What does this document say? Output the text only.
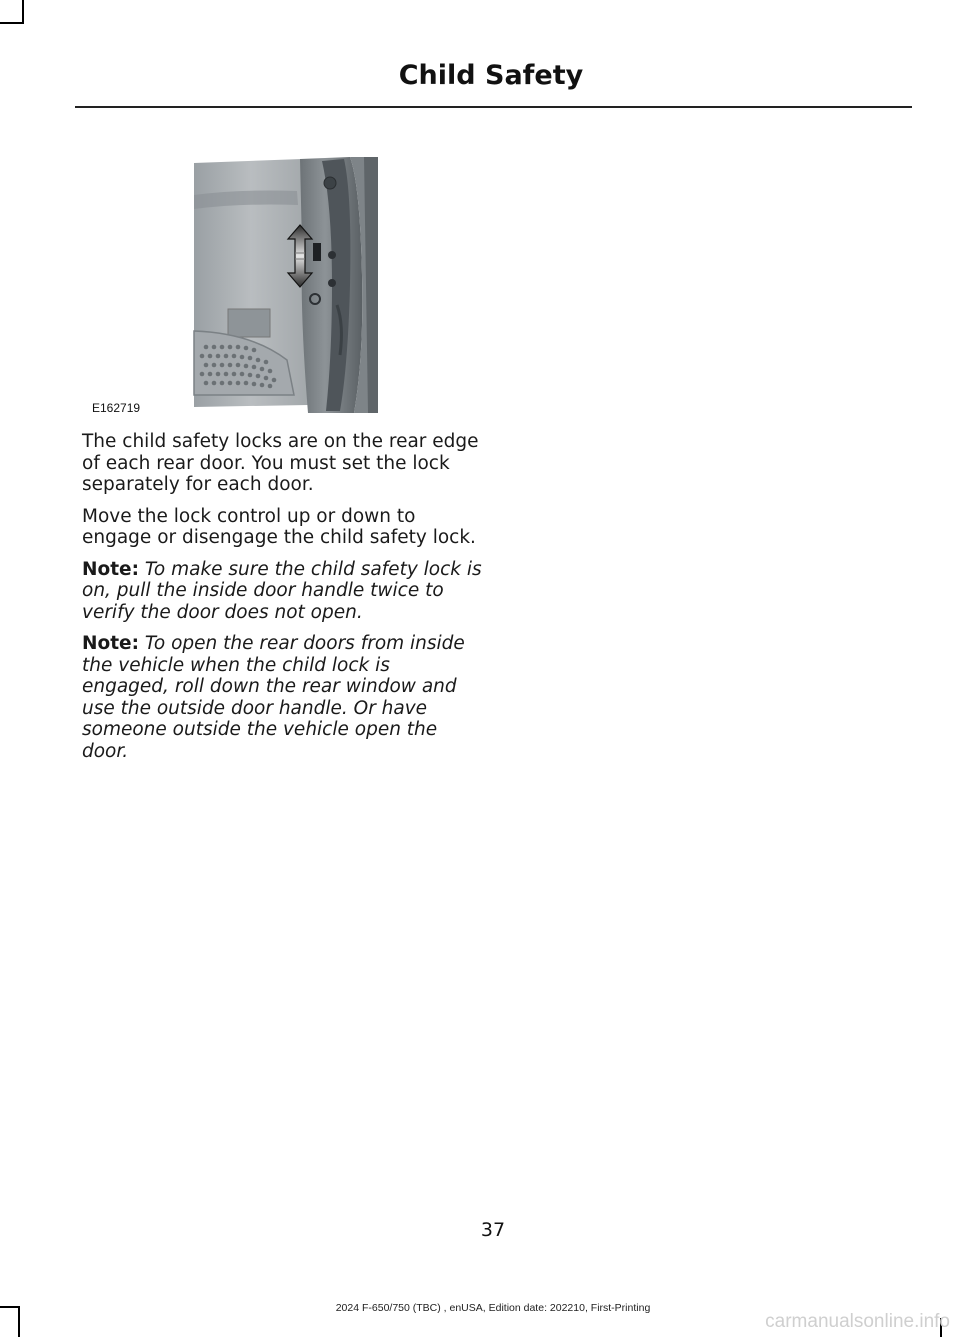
Child Safety
E162719

The child safety locks are on the rear edge of each rear door. You must set the lock separately for each door.

Move the lock control up or down to engage or disengage the child safety lock.

Note: To make sure the child safety lock is on, pull the inside door handle twice to verify the door does not open.

Note: To open the rear doors from inside the vehicle when the child lock is engaged, roll down the rear window and use the outside door handle. Or have someone outside the vehicle open the door.

37
2024 F-650/750 (TBC) , enUSA, Edition date: 202210, First-Printing
carmanualsonline.info
